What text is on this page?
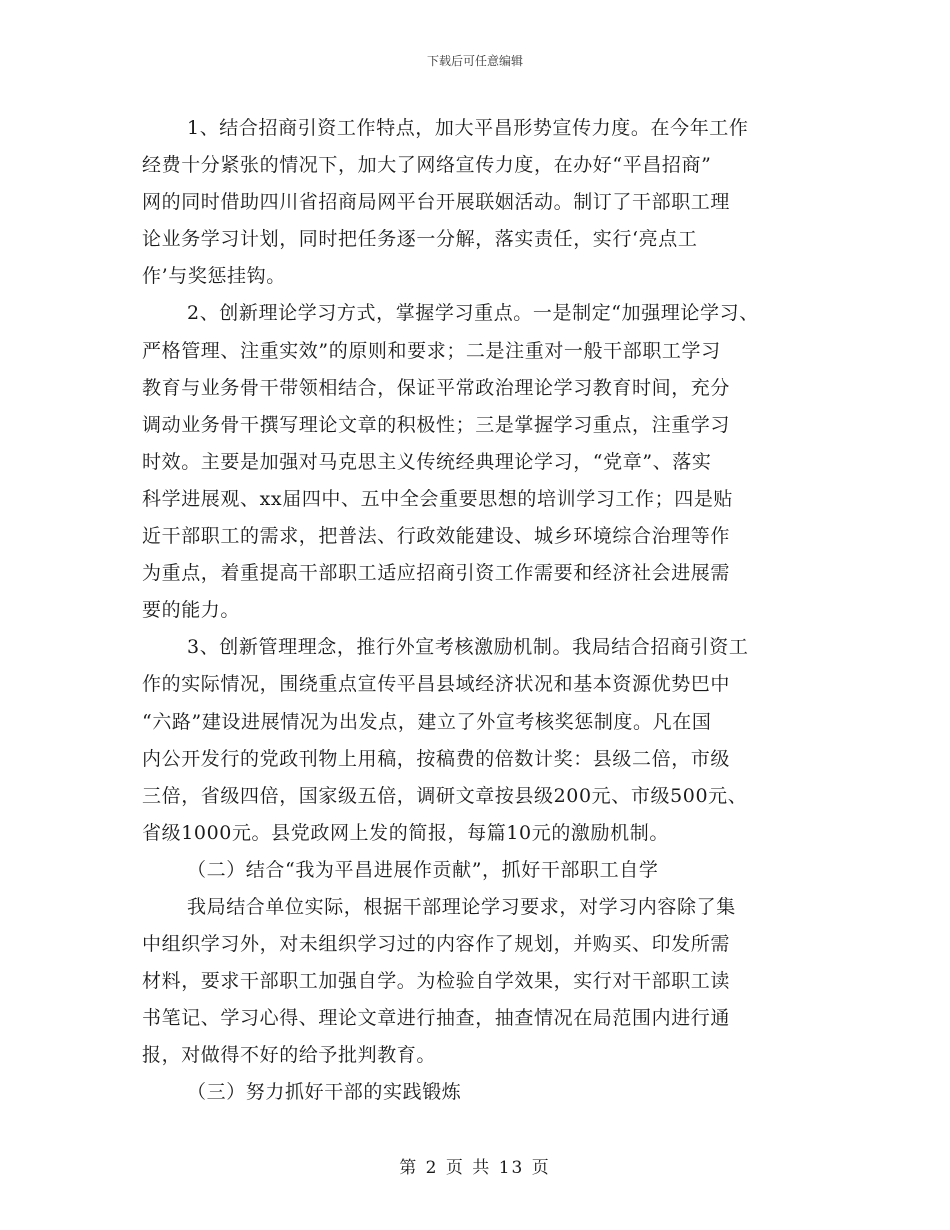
下载后可任意编辑
1、结合招商引资工作特点，加大平昌形势宣传力度。在今年工作
经费十分紧张的情况下，加大了网络宣传力度，在办好“平昌招商”
网的同时借助四川省招商局网平台开展联姻活动。制订了干部职工理
论业务学习计划，同时把任务逐一分解，落实责任，实行‘亮点工
作’与奖惩挂钩。
2、创新理论学习方式，掌握学习重点。一是制定“加强理论学习、
严格管理、注重实效”的原则和要求；二是注重对一般干部职工学习
教育与业务骨干带领相结合，保证平常政治理论学习教育时间，充分
调动业务骨干撰写理论文章的积极性；三是掌握学习重点，注重学习
时效。主要是加强对马克思主义传统经典理论学习，“党章”、落实
科学进展观、xx届四中、五中全会重要思想的培训学习工作；四是贴
近干部职工的需求，把普法、行政效能建设、城乡环境综合治理等作
为重点，着重提高干部职工适应招商引资工作需要和经济社会进展需
要的能力。
3、创新管理理念，推行外宣考核激励机制。我局结合招商引资工
作的实际情况，围绕重点宣传平昌县域经济状况和基本资源优势巴中
“六路”建设进展情况为出发点，建立了外宣考核奖惩制度。凡在国
内公开发行的党政刊物上用稿，按稿费的倍数计奖：县级二倍，市级
三倍，省级四倍，国家级五倍，调研文章按县级200元、市级500元、
省级1000元。县党政网上发的简报，每篇10元的激励机制。
（二）结合“我为平昌进展作贡献”，抓好干部职工自学
我局结合单位实际，根据干部理论学习要求，对学习内容除了集
中组织学习外，对未组织学习过的内容作了规划，并购买、印发所需
材料，要求干部职工加强自学。为检验自学效果，实行对干部职工读
书笔记、学习心得、理论文章进行抽查，抽查情况在局范围内进行通
报，对做得不好的给予批判教育。
（三）努力抓好干部的实践锻炼
第 2 页 共 13 页
